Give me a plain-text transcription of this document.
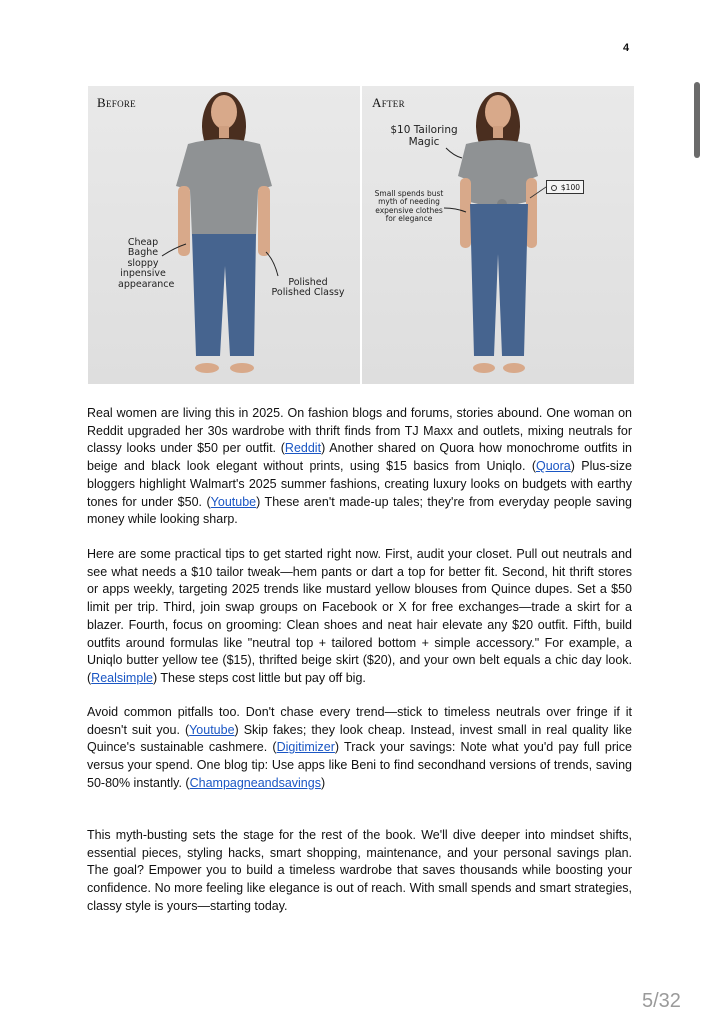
4
Before
Cheap
Baghe
sloppy
inpensive
appearance	Polished
Polished Classy
After
$10 Tailoring
Magic
Small spends bust
myth of needing
expensive clothes
for elegance
$100

Real women are living this in 2025. On fashion blogs and forums, stories abound. One woman on Reddit upgraded her 30s wardrobe with thrift finds from TJ Maxx and outlets, mixing neutrals for classy looks under $50 per outfit. (Reddit) Another shared on Quora how monochrome outfits in beige and black look elegant without prints, using $15 basics from Uniqlo. (Quora) Plus-size bloggers highlight Walmart's 2025 summer fashions, creating luxury looks on budgets with earthy tones for under $50. (Youtube) These aren't made-up tales; they're from everyday people saving money while looking sharp.

Here are some practical tips to get started right now. First, audit your closet. Pull out neutrals and see what needs a $10 tailor tweak—hem pants or dart a top for better fit. Second, hit thrift stores or apps weekly, targeting 2025 trends like mustard yellow blouses from Quince dupes. Set a $50 limit per trip. Third, join swap groups on Facebook or X for free exchanges—trade a skirt for a blazer. Fourth, focus on grooming: Clean shoes and neat hair elevate any $20 outfit. Fifth, build outfits around formulas like "neutral top + tailored bottom + simple accessory." For example, a Uniqlo butter yellow tee ($15), thrifted beige skirt ($20), and your own belt equals a chic day look. (Realsimple) These steps cost little but pay off big.

Avoid common pitfalls too. Don't chase every trend—stick to timeless neutrals over fringe if it doesn't suit you. (Youtube) Skip fakes; they look cheap. Instead, invest small in real quality like Quince's sustainable cashmere. (Digitimizer) Track your savings: Note what you'd pay full price versus your spend. One blog tip: Use apps like Beni to find secondhand versions of trends, saving 50-80% instantly. (Champagneandsavings)

This myth-busting sets the stage for the rest of the book. We'll dive deeper into mindset shifts, essential pieces, styling hacks, smart shopping, maintenance, and your personal savings plan. The goal? Empower you to build a timeless wardrobe that saves thousands while boosting your confidence. No more feeling like elegance is out of reach. With small spends and smart strategies, classy style is yours—starting today.

5/32
